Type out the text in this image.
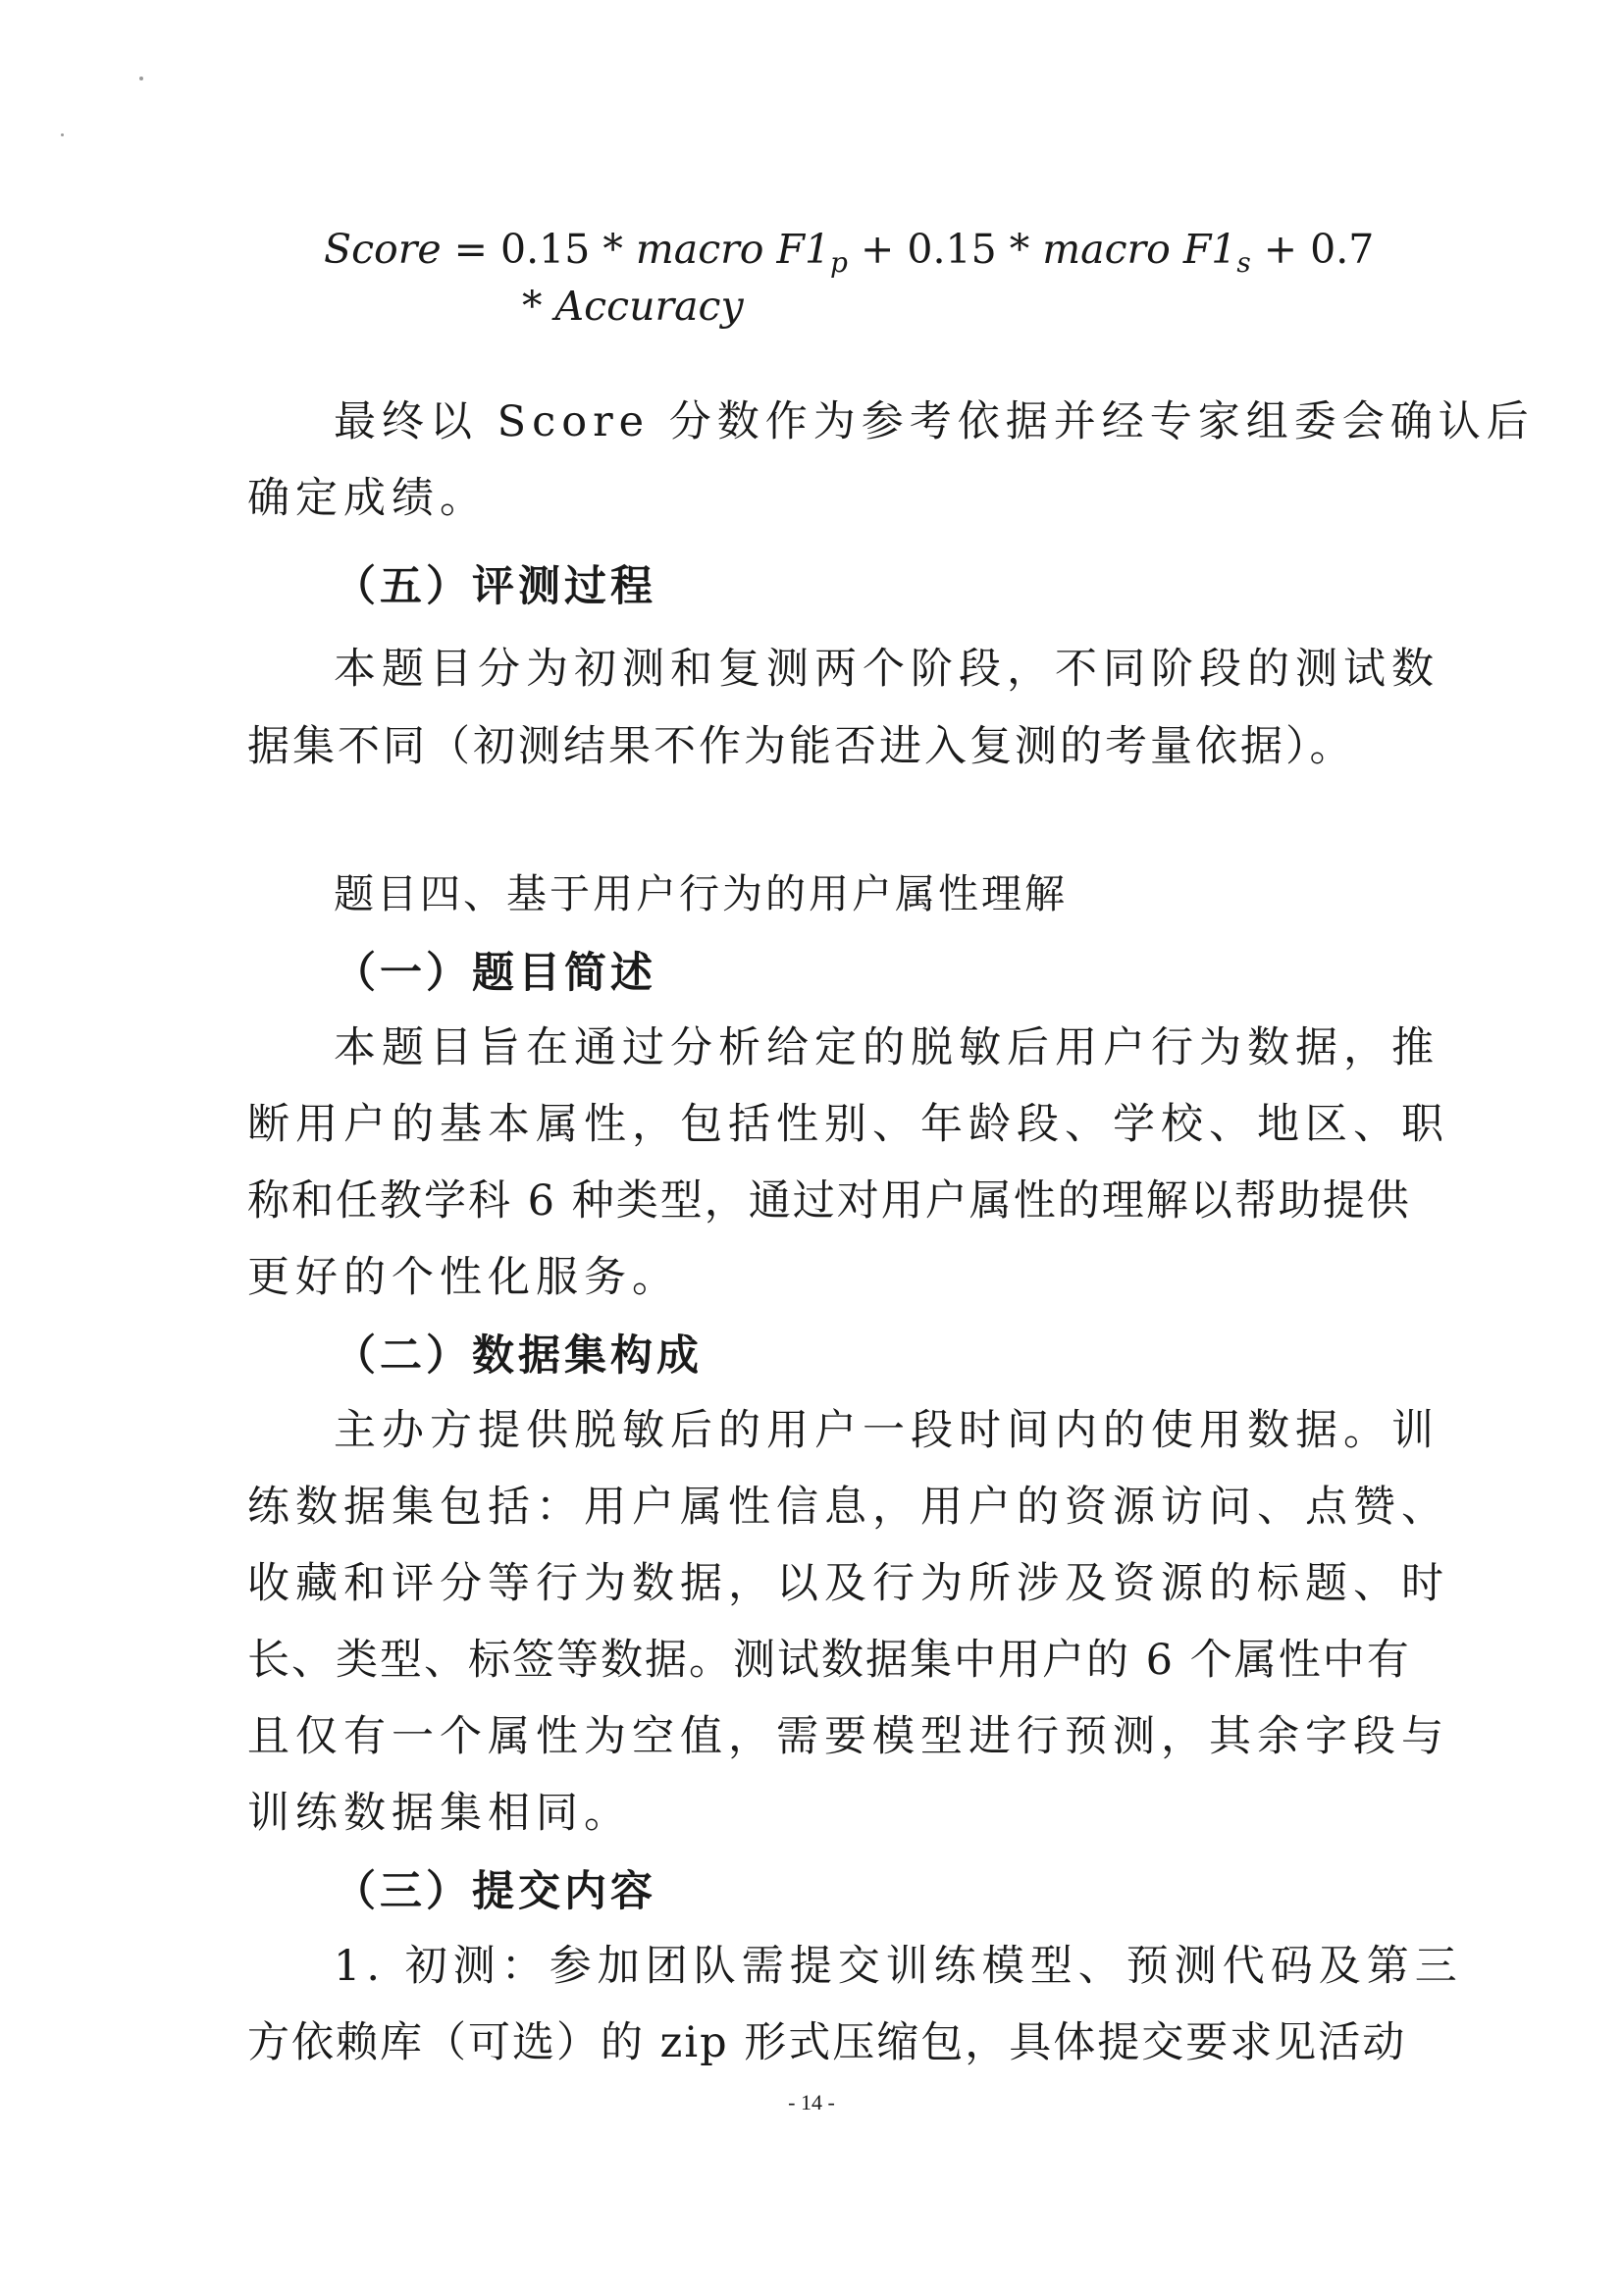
Score = 0.15 * macro $F1_p + 0.15$ * macro $F1_s + 0.7$
* Accuracy
最终以 Score 分数作为参考依据并经专家组委会确认后
确定成绩。
（五）评测过程
本题目分为初测和复测两个阶段，不同阶段的测试数
据集不同（初测结果不作为能否进入复测的考量依据）。
题目四、基于用户行为的用户属性理解
（一）题目简述
本题目旨在通过分析给定的脱敏后用户行为数据，推
断用户的基本属性，包括性别、年龄段、学校、地区、职
称和任教学科 6 种类型，通过对用户属性的理解以帮助提供
更好的个性化服务。
（二）数据集构成
主办方提供脱敏后的用户一段时间内的使用数据。训
练数据集包括：用户属性信息，用户的资源访问、点赞、
收藏和评分等行为数据，以及行为所涉及资源的标题、时
长、类型、标签等数据。测试数据集中用户的 6 个属性中有
且仅有一个属性为空值，需要模型进行预测，其余字段与
训练数据集相同。
（三）提交内容
1. 初测：参加团队需提交训练模型、预测代码及第三
方依赖库（可选）的 zip 形式压缩包，具体提交要求见活动
- 14 -
